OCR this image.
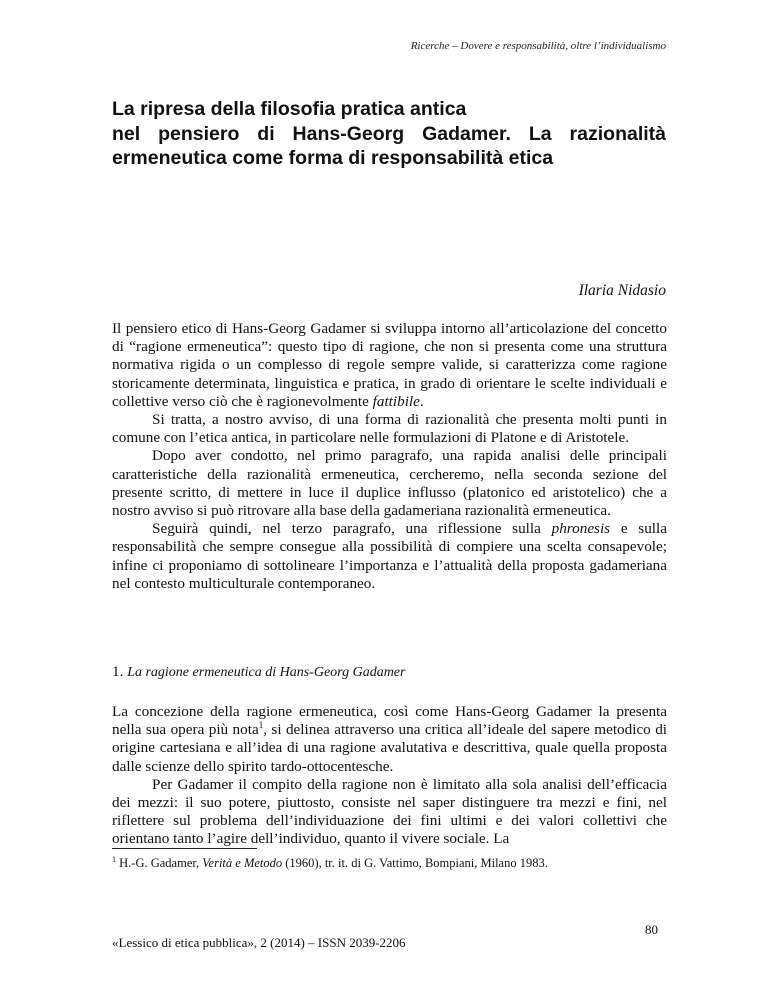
Ricerche – Dovere e responsabilità, oltre l’individualismo
La ripresa della filosofia pratica antica
nel pensiero di Hans-Georg Gadamer. La razionalità
ermeneutica come forma di responsabilità etica
Ilaria Nidasio

Il pensiero etico di Hans-Georg Gadamer si sviluppa intorno all’articolazione del concetto di “ragione ermeneutica”: questo tipo di ragione, che non si presenta come una struttura normativa rigida o un complesso di regole sempre valide, si caratterizza come ragione storicamente determinata, linguistica e pratica, in grado di orientare le scelte individuali e collettive verso ciò che è ragionevolmente fattibile.

Si tratta, a nostro avviso, di una forma di razionalità che presenta molti punti in comune con l’etica antica, in particolare nelle formulazioni di Platone e di Aristotele.

Dopo aver condotto, nel primo paragrafo, una rapida analisi delle principali caratteristiche della razionalità ermeneutica, cercheremo, nella seconda sezione del presente scritto, di mettere in luce il duplice influsso (platonico ed aristotelico) che a nostro avviso si può ritrovare alla base della gadameriana razionalità ermeneutica.

Seguirà quindi, nel terzo paragrafo, una riflessione sulla phronesis e sulla responsabilità che sempre consegue alla possibilità di compiere una scelta consapevole; infine ci proponiamo di sottolineare l’importanza e l’attualità della proposta gadameriana nel contesto multiculturale contemporaneo.

1. La ragione ermeneutica di Hans-Georg Gadamer

La concezione della ragione ermeneutica, così come Hans-Georg Gadamer la presenta nella sua opera più nota$^1$, si delinea attraverso una critica all’ideale del sapere metodico di origine cartesiana e all’idea di una ragione avalutativa e descrittiva, quale quella proposta dalle scienze dello spirito tardo-ottocentesche.

Per Gadamer il compito della ragione non è limitato alla sola analisi dell’efficacia dei mezzi: il suo potere, piuttosto, consiste nel saper distinguere tra mezzi e fini, nel riflettere sul problema dell’individuazione dei fini ultimi e dei valori collettivi che orientano tanto l’agire dell’individuo, quanto il vivere sociale. La

$^1$ H.-G. Gadamer, Verità e Metodo (1960), tr. it. di G. Vattimo, Bompiani, Milano 1983.
«Lessico di etica pubblica», 2 (2014) – ISSN 2039-2206
80
